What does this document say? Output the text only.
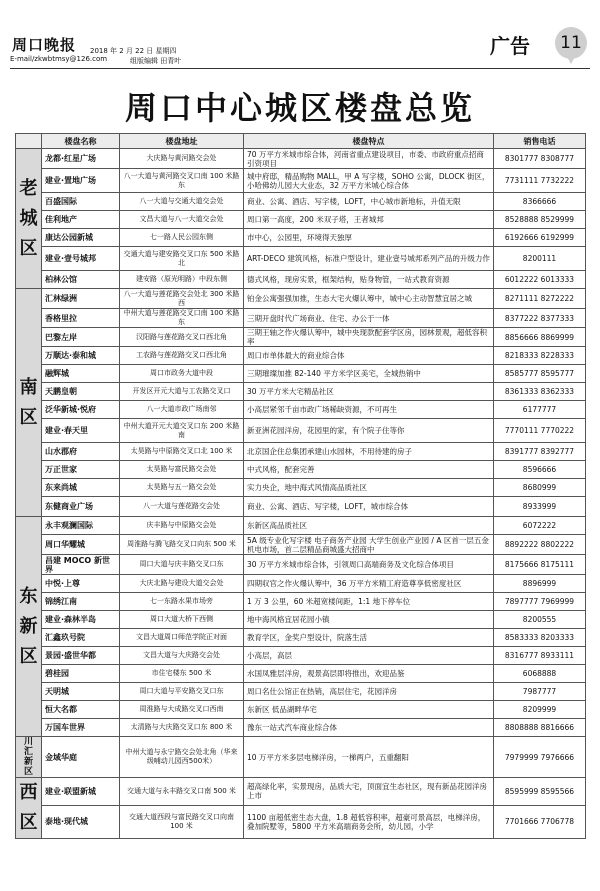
周口晚报 2018 年 2 月 22 日 星期四
E-mail/zkwbtmsy@126.com	组版编辑 田青叶
广告	11
周口中心城区楼盘总览
	楼盘名称	楼盘地址	楼盘特点	销售电话

老
城
区	龙都·红星广场	大庆路与黄河路交会处	70 万平方米城市综合体，河南省重点建设项目，市委、市政府重点招商引资项目	8301777 8308777
	建业·置地广场	八一大道与黄河路交叉口南 100 米路东	城中府邸，精品购物 MALL，甲 A 写字楼，SOHO 公寓，DLOCK 街区，小哈佛幼儿园大大业态，32 万平方米城心综合体	7731111 7732222
	百盛国际	八一大道与交通大道交会处	商业、公寓、酒店、写字楼，LOFT，中心城市新地标，升值无限	8366666
	佳利地产	文昌大道与八一大道交会处	周口第一高度，200 米双子塔，王者城邦	8528888 8529999
	康达公园新城	七一路人民公园东侧	市中心，公园里，环境得天独厚	6192666 6192999
	建业·壹号城邦	交通大道与建安路交叉口东 500 米路北	ART-DECO 建筑风格，标准户型设计，建业壹号城邦系列产品的升级力作	8200111
	柏林公馆	建安路（原光明路）中段东侧	德式风格，现房实景，框架结构，贴身物管，一站式教育资源	6012222 6013333

南
区	汇林绿洲	八一大道与莲花路交会处北 300 米路西	铂金公寓强强加推，生态大宅火爆认筹中，城中心主动智慧宜居之城	8271111 8272222
	香格里拉	中州大道与莲花路交叉口南 100 米路东	三期开盘时代广场商业、住宅、办公于一体	8377222 8377333
	巴黎左岸	汉阳路与莲花路交叉口西北角	三期王轴之作火爆认筹中，城中央现款配套学区房，园林景观，超低容积率	8856666 8869999
	万顺达·泰和城	工农路与莲花路交叉口西北角	周口市单体最大的商业综合体	8218333 8228333
	融辉城	周口市政务大道中段	三期璀璨加推 82-140 平方米学区美宅，全城热销中	8585777 8595777
	天鹏皇朝	开发区开元大道与工农路交叉口	30 万平方米大宅精品社区	8361333 8362333
	泛华新城·悦府	八一大道市政广场南邻	小高层紧邻千亩市政广场稀缺资源，不可再生	6177777
	建业·春天里	中州大道开元大道交叉口东 200 米路南	新亚洲花园洋房，花园里的家，有个院子住等你	7770111 7770222
	山水郡府	太昊路与中原路交叉口北 100 米	北京国企住总集团承建山水园林，不用待建的房子	8391777 8392777
	万正世家	太昊路与富民路交会处	中式风格，配套完善	8596666
	东来尚城	太昊路与五一路交会处	实力央企，地中海式风情高品质社区	8680999
	东健商业广场	八一大道与莲花路交会处	商业、公寓、酒店、写字楼，LOFT，城市综合体	8933999

东
新
区	永丰观澜国际	庆丰路与中原路交会处	东新区高品质社区	6072222
	周口华耀城	周淮路与腾飞路交叉口向东 500 米	5A 级专业化写字楼 电子商务产业园 大学生创业产业园 / A 区首一层五金机电市场，首二层精品商城盛大招商中	8892222 8802222
	昌建 MOCO 新世界	周口大道与庆丰路交叉口东	30 万平方米城市综合体，引领周口高端商务及文化综合体项目	8175666 8175111
	中悦·上尊	大庆北路与建设大道交会处	四期収官之作火爆认筹中，36 万平方米精工府造尊享低密度社区	8896999
	锦绣江南	七一东路水果市场旁	1 万 3 公里，60 米超宽楼间距，1:1 地下停车位	7897777 7969999
	建业·森林半岛	周口大道大桥下西侧	地中海风格宜居花园小镇	8200555
	汇鑫玖号院	文昌大道周口师范学院正对面	教育学区，金奖户型设计，院落生活	8583333 8203333
	景园·盛世华都	文昌大道与大庆路交会处	小高层，高层	8316777 8933111
	碧桂园	市住宅楼东 500 米	水国凤雅层洋房，观景高层即将推出，欢迎品鉴	6068888
	天明城	周口大道与平安路交叉口东	周口名仕公馆正在热销，高层住宅，花园洋房	7987777
	恒大名都	周淮路与大成路交叉口西南	东新区 低品湖畔华宅	8209999
	万国车世界	太清路与大庆路交叉口东 800 米	豫东一站式汽车商业综合体	8808888 8816666

川
汇
新
区	金域华庭	中州大道与永宁路交会处北角（华来级哺动儿园西500米）	10 万平方米多层电梯洋房，一梯两户，五重翻阳	7979999 7976666

西
区	建业·联盟新城	交通大道与永丰路交叉口南 500 米	超高绿化率，实景现房，品质大宅，顶面宜生态社区，现有新品花园洋房上市	8595999 8595566
	泰地·现代城	交通大道西段与富民路交叉口向南 100 米	1100 亩超低密生态大盘，1.8 超低容积率，超豪可景高层，电梯洋房，叠加院墅等，5800 平方米高端商务会所，幼儿园，小学	7701666 7706778
